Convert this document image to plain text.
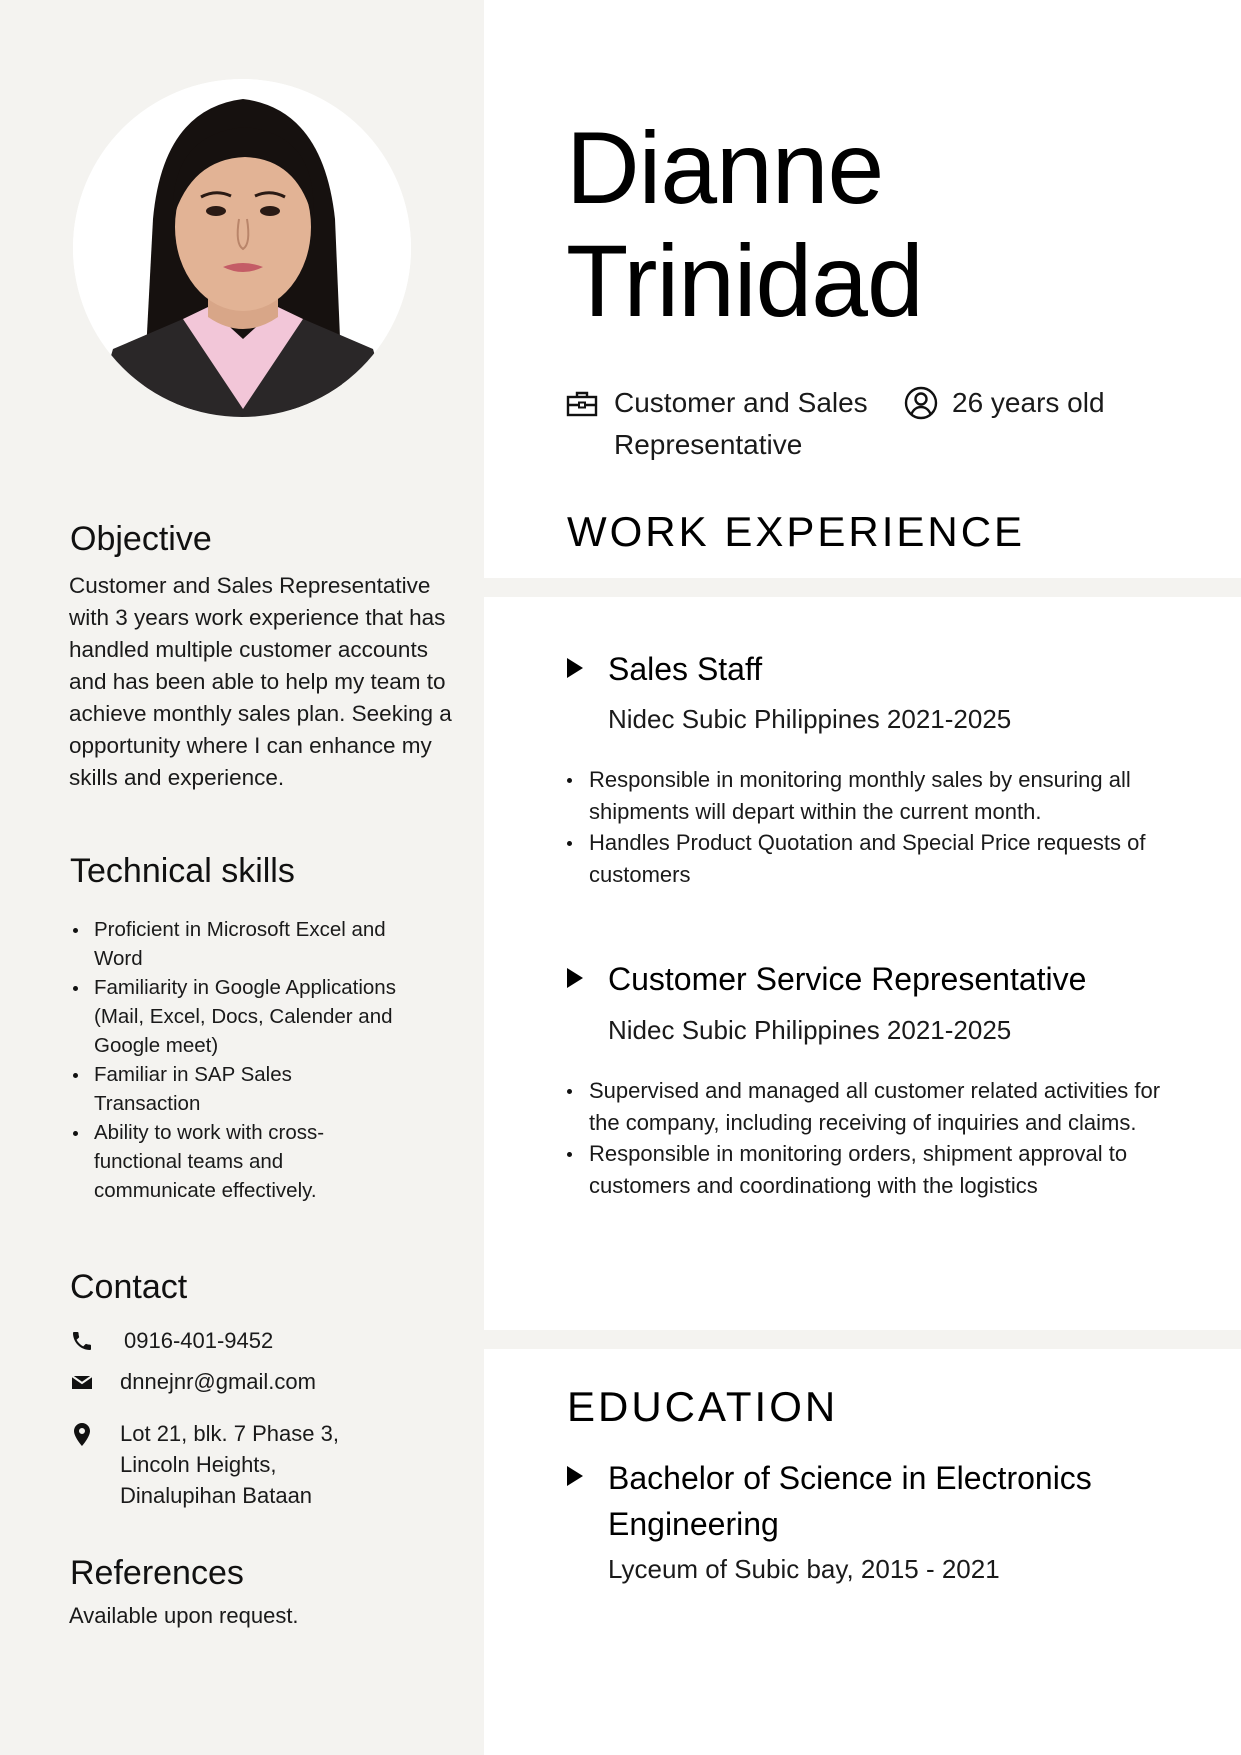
Objective

Customer and Sales Representative with 3 years work experience that has handled multiple customer accounts and has been able to help my team to achieve monthly sales plan. Seeking a opportunity where I can enhance my skills and experience.

Technical skills
Proficient in Microsoft Excel and Word
Familiarity in Google Applications (Mail, Excel, Docs, Calender and Google meet)
Familiar in SAP Sales Transaction
Ability to work with cross-functional teams and communicate effectively.
Contact
0916-401-9452
dnnejnr@gmail.com
Lot 21, blk. 7 Phase 3, Lincoln Heights, Dinalupihan Bataan
References
Available upon request.
Dianne
Trinidad
Customer and Sales
Representative
26 years old
WORK EXPERIENCE
Sales Staff
Nidec Subic Philippines 2021-2025
Responsible in monitoring monthly sales by ensuring all shipments will depart within the current month.
Handles Product Quotation and Special Price requests of customers
Customer Service Representative
Nidec Subic Philippines 2021-2025
Supervised and managed all customer related activities for the company, including receiving of inquiries and claims.
Responsible in monitoring orders, shipment approval to customers and coordinationg with the logistics
EDUCATION
Bachelor of Science in Electronics
Engineering
Lyceum of Subic bay, 2015 - 2021
